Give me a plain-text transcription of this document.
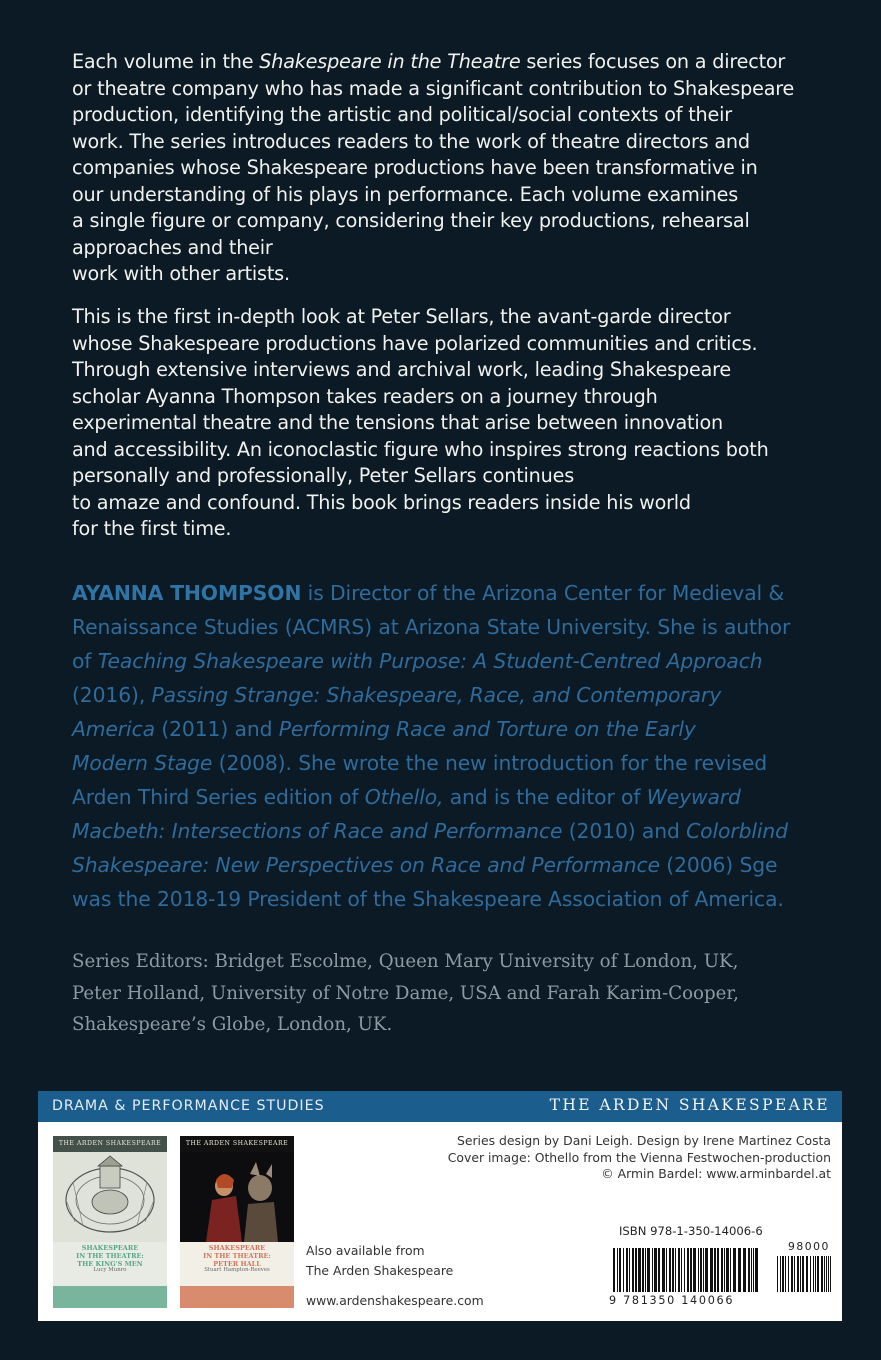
Each volume in the Shakespeare in the Theatre series focuses on a director
or theatre company who has made a significant contribution to Shakespeare
production, identifying the artistic and political/social contexts of their
work. The series introduces readers to the work of theatre directors and
companies whose Shakespeare productions have been transformative in
our understanding of his plays in performance. Each volume examines
a single figure or company, considering their key productions, rehearsal
approaches and their
work with other artists.
This is the first in-depth look at Peter Sellars, the avant-garde director
whose Shakespeare productions have polarized communities and critics.
Through extensive interviews and archival work, leading Shakespeare
scholar Ayanna Thompson takes readers on a journey through
experimental theatre and the tensions that arise between innovation
and accessibility. An iconoclastic figure who inspires strong reactions both
personally and professionally, Peter Sellars continues
to amaze and confound. This book brings readers inside his world
for the first time.
AYANNA THOMPSON is Director of the Arizona Center for Medieval &
Renaissance Studies (ACMRS) at Arizona State University. She is author
of Teaching Shakespeare with Purpose: A Student-Centred Approach
(2016), Passing Strange: Shakespeare, Race, and Contemporary
America (2011) and Performing Race and Torture on the Early
Modern Stage (2008). She wrote the new introduction for the revised
Arden Third Series edition of Othello, and is the editor of Weyward
Macbeth: Intersections of Race and Performance (2010) and Colorblind
Shakespeare: New Perspectives on Race and Performance (2006) Sge
was the 2018-19 President of the Shakespeare Association of America.
Series Editors: Bridget Escolme, Queen Mary University of London, UK,
Peter Holland, University of Notre Dame, USA and Farah Karim-Cooper,
Shakespeare’s Globe, London, UK.
DRAMA & PERFORMANCE STUDIES	THE ARDEN SHAKESPEARE
THE ARDEN SHAKESPEARE
SHAKESPEARE
IN THE THEATRE:
THE KING'S MEN
Lucy Munro
THE ARDEN SHAKESPEARE
SHAKESPEARE
IN THE THEATRE:
PETER HALL
Stuart Hampton-Reeves
Also available from
The Arden Shakespeare
www.ardenshakespeare.com
Series design by Dani Leigh. Design by Irene Martinez Costa
Cover image: Othello from the Vienna Festwochen-production
© Armin Bardel: www.arminbardel.at
ISBN 978-1-350-14006-6
98000
9 781350 140066
